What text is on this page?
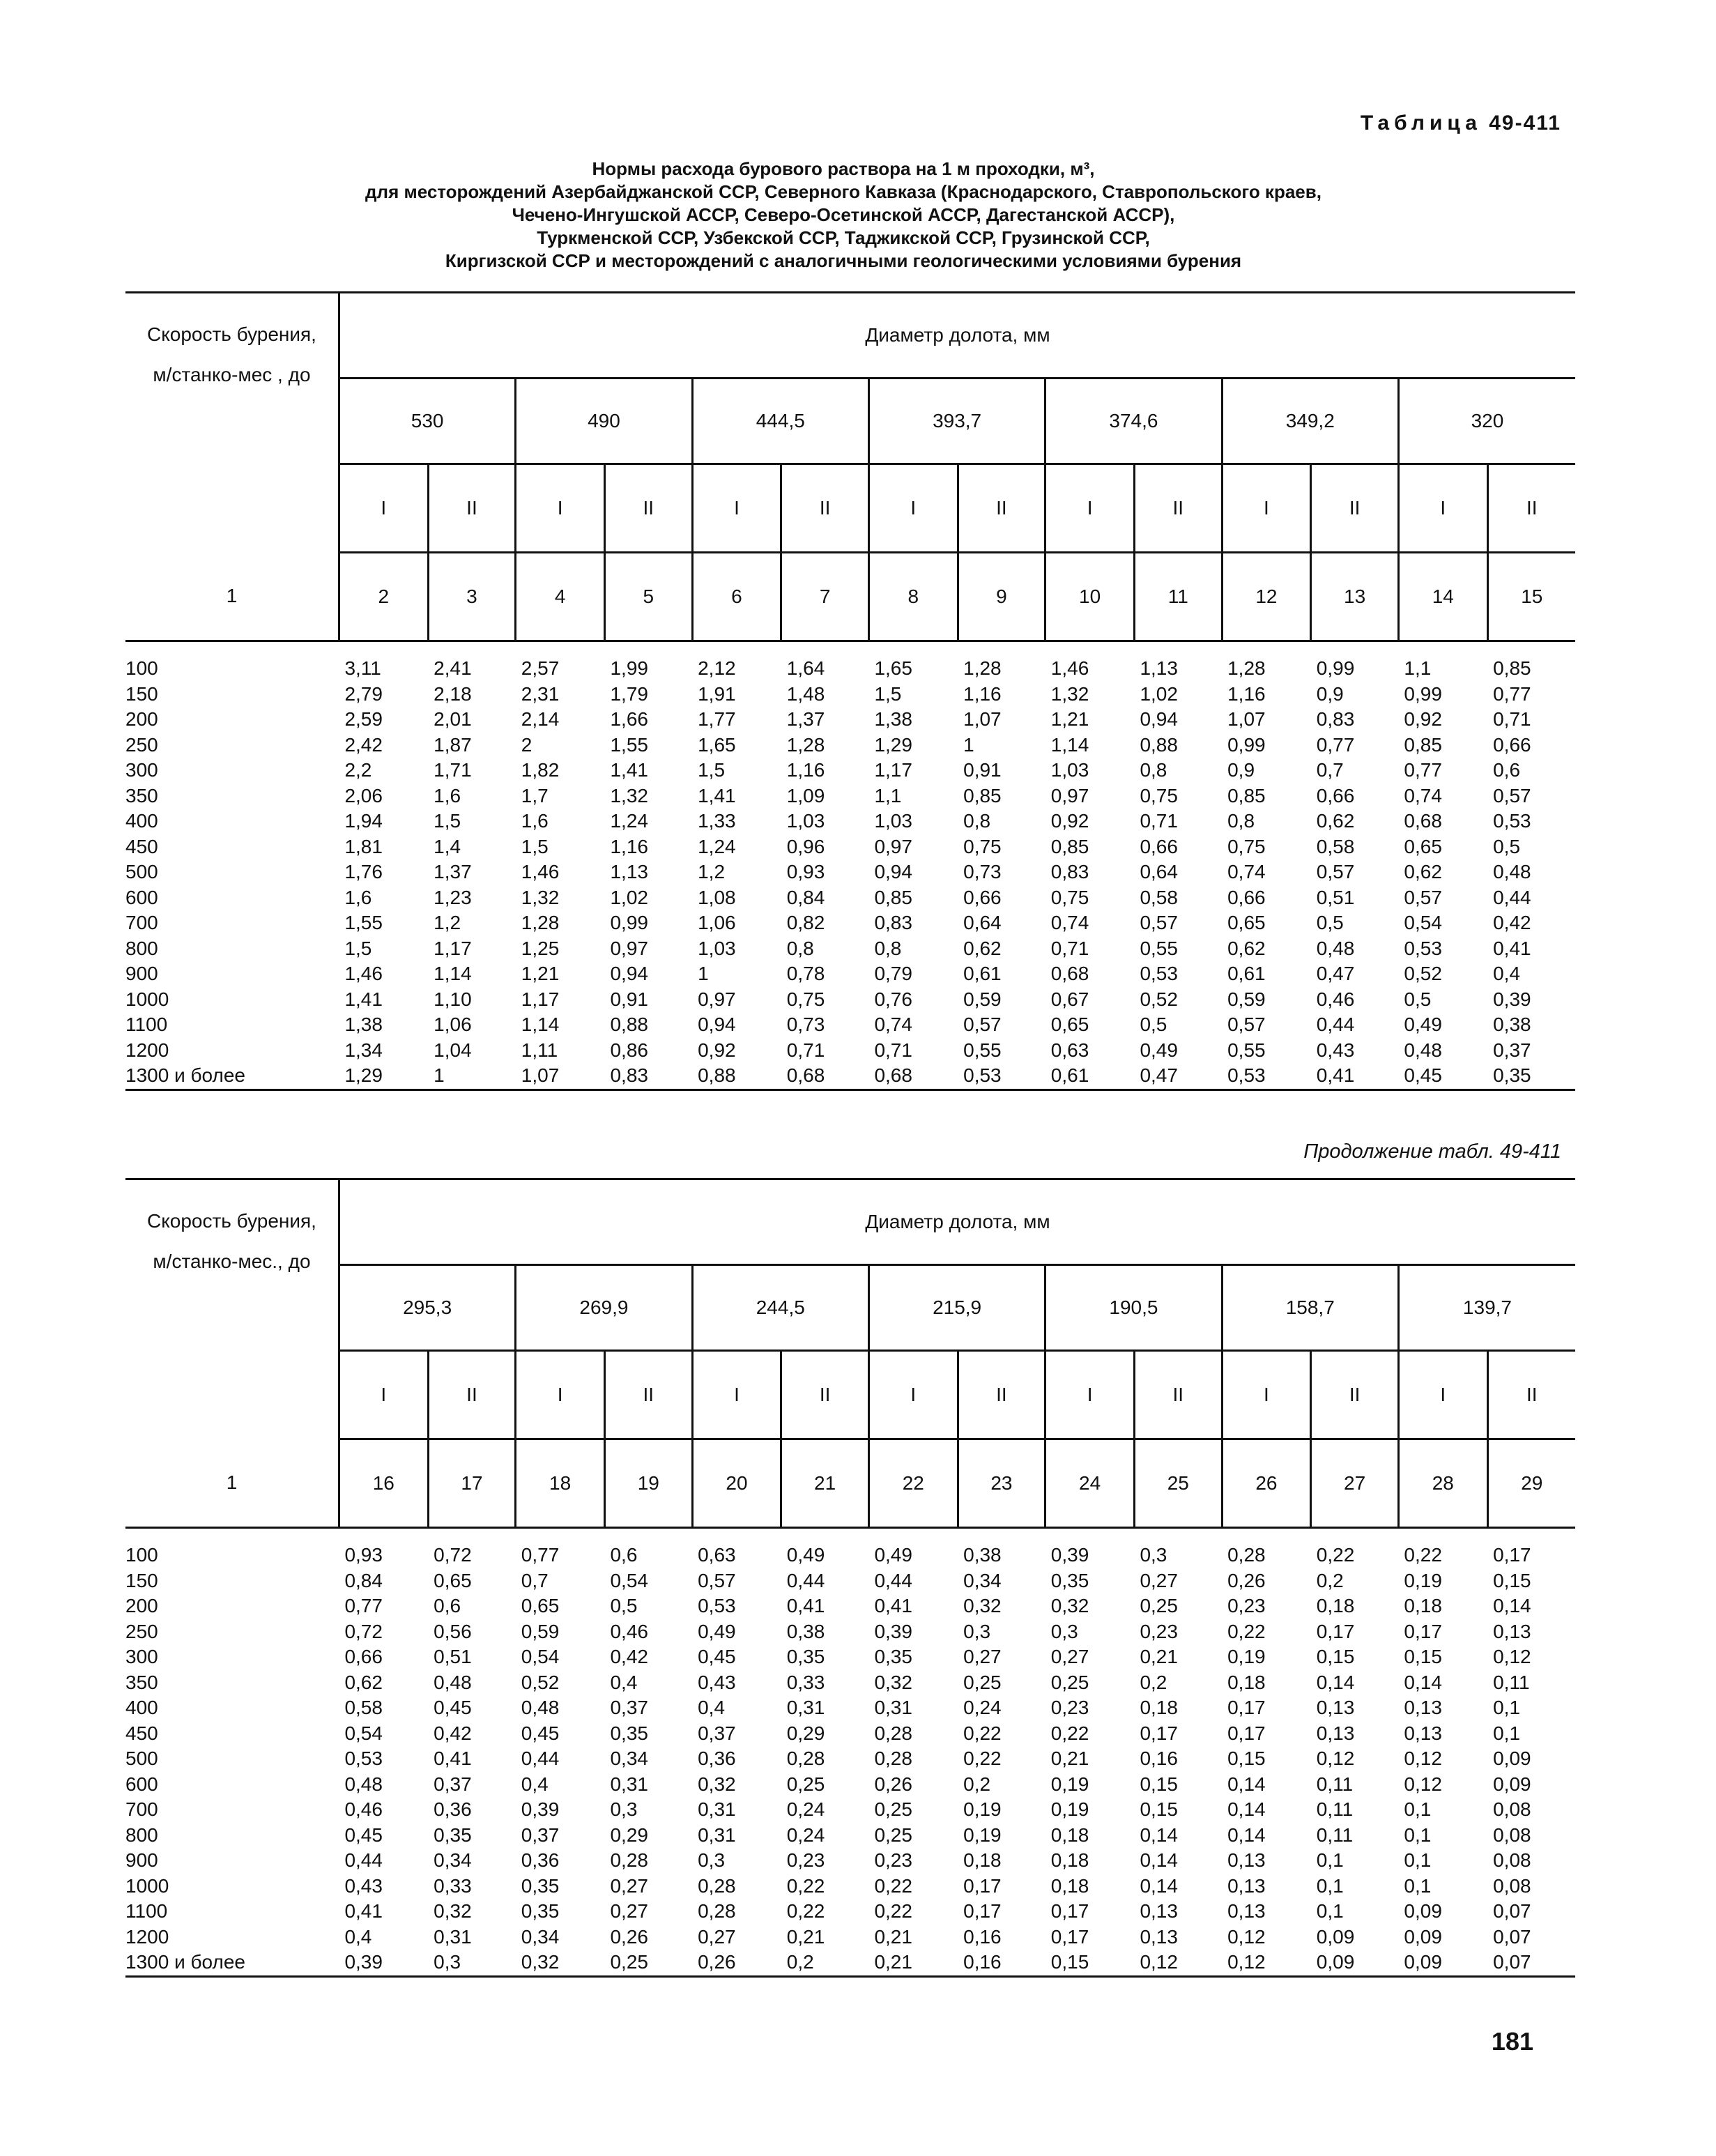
Таблица 49-411
Нормы расхода бурового раствора на 1 м проходки, м³,
для месторождений Азербайджанской ССР, Северного Кавказа (Краснодарского, Ставропольского краев,
Чечено-Ингушской АССР, Северо-Осетинской АССР, Дагестанской АССР),
Туркменской ССР, Узбекской ССР, Таджикской ССР, Грузинской ССР,
Киргизской ССР и месторождений с аналогичными геологическими условиями бурения
Скорость бурения,
м/станко-мес , до	Диаметр долота, мм													
	530		490		444,5		393,7		374,6		349,2		320	
	I	II	I	II	I	II	I	II	I	II	I	II	I	II
1	2	3	4	5	6	7	8	9	10	11	12	13	14	15
100	3,11	2,41	2,57	1,99	2,12	1,64	1,65	1,28	1,46	1,13	1,28	0,99	1,1	0,85
150	2,79	2,18	2,31	1,79	1,91	1,48	1,5	1,16	1,32	1,02	1,16	0,9	0,99	0,77
200	2,59	2,01	2,14	1,66	1,77	1,37	1,38	1,07	1,21	0,94	1,07	0,83	0,92	0,71
250	2,42	1,87	2	1,55	1,65	1,28	1,29	1	1,14	0,88	0,99	0,77	0,85	0,66
300	2,2	1,71	1,82	1,41	1,5	1,16	1,17	0,91	1,03	0,8	0,9	0,7	0,77	0,6
350	2,06	1,6	1,7	1,32	1,41	1,09	1,1	0,85	0,97	0,75	0,85	0,66	0,74	0,57
400	1,94	1,5	1,6	1,24	1,33	1,03	1,03	0,8	0,92	0,71	0,8	0,62	0,68	0,53
450	1,81	1,4	1,5	1,16	1,24	0,96	0,97	0,75	0,85	0,66	0,75	0,58	0,65	0,5
500	1,76	1,37	1,46	1,13	1,2	0,93	0,94	0,73	0,83	0,64	0,74	0,57	0,62	0,48
600	1,6	1,23	1,32	1,02	1,08	0,84	0,85	0,66	0,75	0,58	0,66	0,51	0,57	0,44
700	1,55	1,2	1,28	0,99	1,06	0,82	0,83	0,64	0,74	0,57	0,65	0,5	0,54	0,42
800	1,5	1,17	1,25	0,97	1,03	0,8	0,8	0,62	0,71	0,55	0,62	0,48	0,53	0,41
900	1,46	1,14	1,21	0,94	1	0,78	0,79	0,61	0,68	0,53	0,61	0,47	0,52	0,4
1000	1,41	1,10	1,17	0,91	0,97	0,75	0,76	0,59	0,67	0,52	0,59	0,46	0,5	0,39
1100	1,38	1,06	1,14	0,88	0,94	0,73	0,74	0,57	0,65	0,5	0,57	0,44	0,49	0,38
1200	1,34	1,04	1,11	0,86	0,92	0,71	0,71	0,55	0,63	0,49	0,55	0,43	0,48	0,37
1300 и более	1,29	1	1,07	0,83	0,88	0,68	0,68	0,53	0,61	0,47	0,53	0,41	0,45	0,35

Продолжение табл. 49-411
Скорость бурения,
м/станко-мес., до	Диаметр долота, мм													
	295,3		269,9		244,5		215,9		190,5		158,7		139,7	
	I	II	I	II	I	II	I	II	I	II	I	II	I	II
1	16	17	18	19	20	21	22	23	24	25	26	27	28	29
100	0,93	0,72	0,77	0,6	0,63	0,49	0,49	0,38	0,39	0,3	0,28	0,22	0,22	0,17
150	0,84	0,65	0,7	0,54	0,57	0,44	0,44	0,34	0,35	0,27	0,26	0,2	0,19	0,15
200	0,77	0,6	0,65	0,5	0,53	0,41	0,41	0,32	0,32	0,25	0,23	0,18	0,18	0,14
250	0,72	0,56	0,59	0,46	0,49	0,38	0,39	0,3	0,3	0,23	0,22	0,17	0,17	0,13
300	0,66	0,51	0,54	0,42	0,45	0,35	0,35	0,27	0,27	0,21	0,19	0,15	0,15	0,12
350	0,62	0,48	0,52	0,4	0,43	0,33	0,32	0,25	0,25	0,2	0,18	0,14	0,14	0,11
400	0,58	0,45	0,48	0,37	0,4	0,31	0,31	0,24	0,23	0,18	0,17	0,13	0,13	0,1
450	0,54	0,42	0,45	0,35	0,37	0,29	0,28	0,22	0,22	0,17	0,17	0,13	0,13	0,1
500	0,53	0,41	0,44	0,34	0,36	0,28	0,28	0,22	0,21	0,16	0,15	0,12	0,12	0,09
600	0,48	0,37	0,4	0,31	0,32	0,25	0,26	0,2	0,19	0,15	0,14	0,11	0,12	0,09
700	0,46	0,36	0,39	0,3	0,31	0,24	0,25	0,19	0,19	0,15	0,14	0,11	0,1	0,08
800	0,45	0,35	0,37	0,29	0,31	0,24	0,25	0,19	0,18	0,14	0,14	0,11	0,1	0,08
900	0,44	0,34	0,36	0,28	0,3	0,23	0,23	0,18	0,18	0,14	0,13	0,1	0,1	0,08
1000	0,43	0,33	0,35	0,27	0,28	0,22	0,22	0,17	0,18	0,14	0,13	0,1	0,1	0,08
1100	0,41	0,32	0,35	0,27	0,28	0,22	0,22	0,17	0,17	0,13	0,13	0,1	0,09	0,07
1200	0,4	0,31	0,34	0,26	0,27	0,21	0,21	0,16	0,17	0,13	0,12	0,09	0,09	0,07
1300 и более	0,39	0,3	0,32	0,25	0,26	0,2	0,21	0,16	0,15	0,12	0,12	0,09	0,09	0,07

181
